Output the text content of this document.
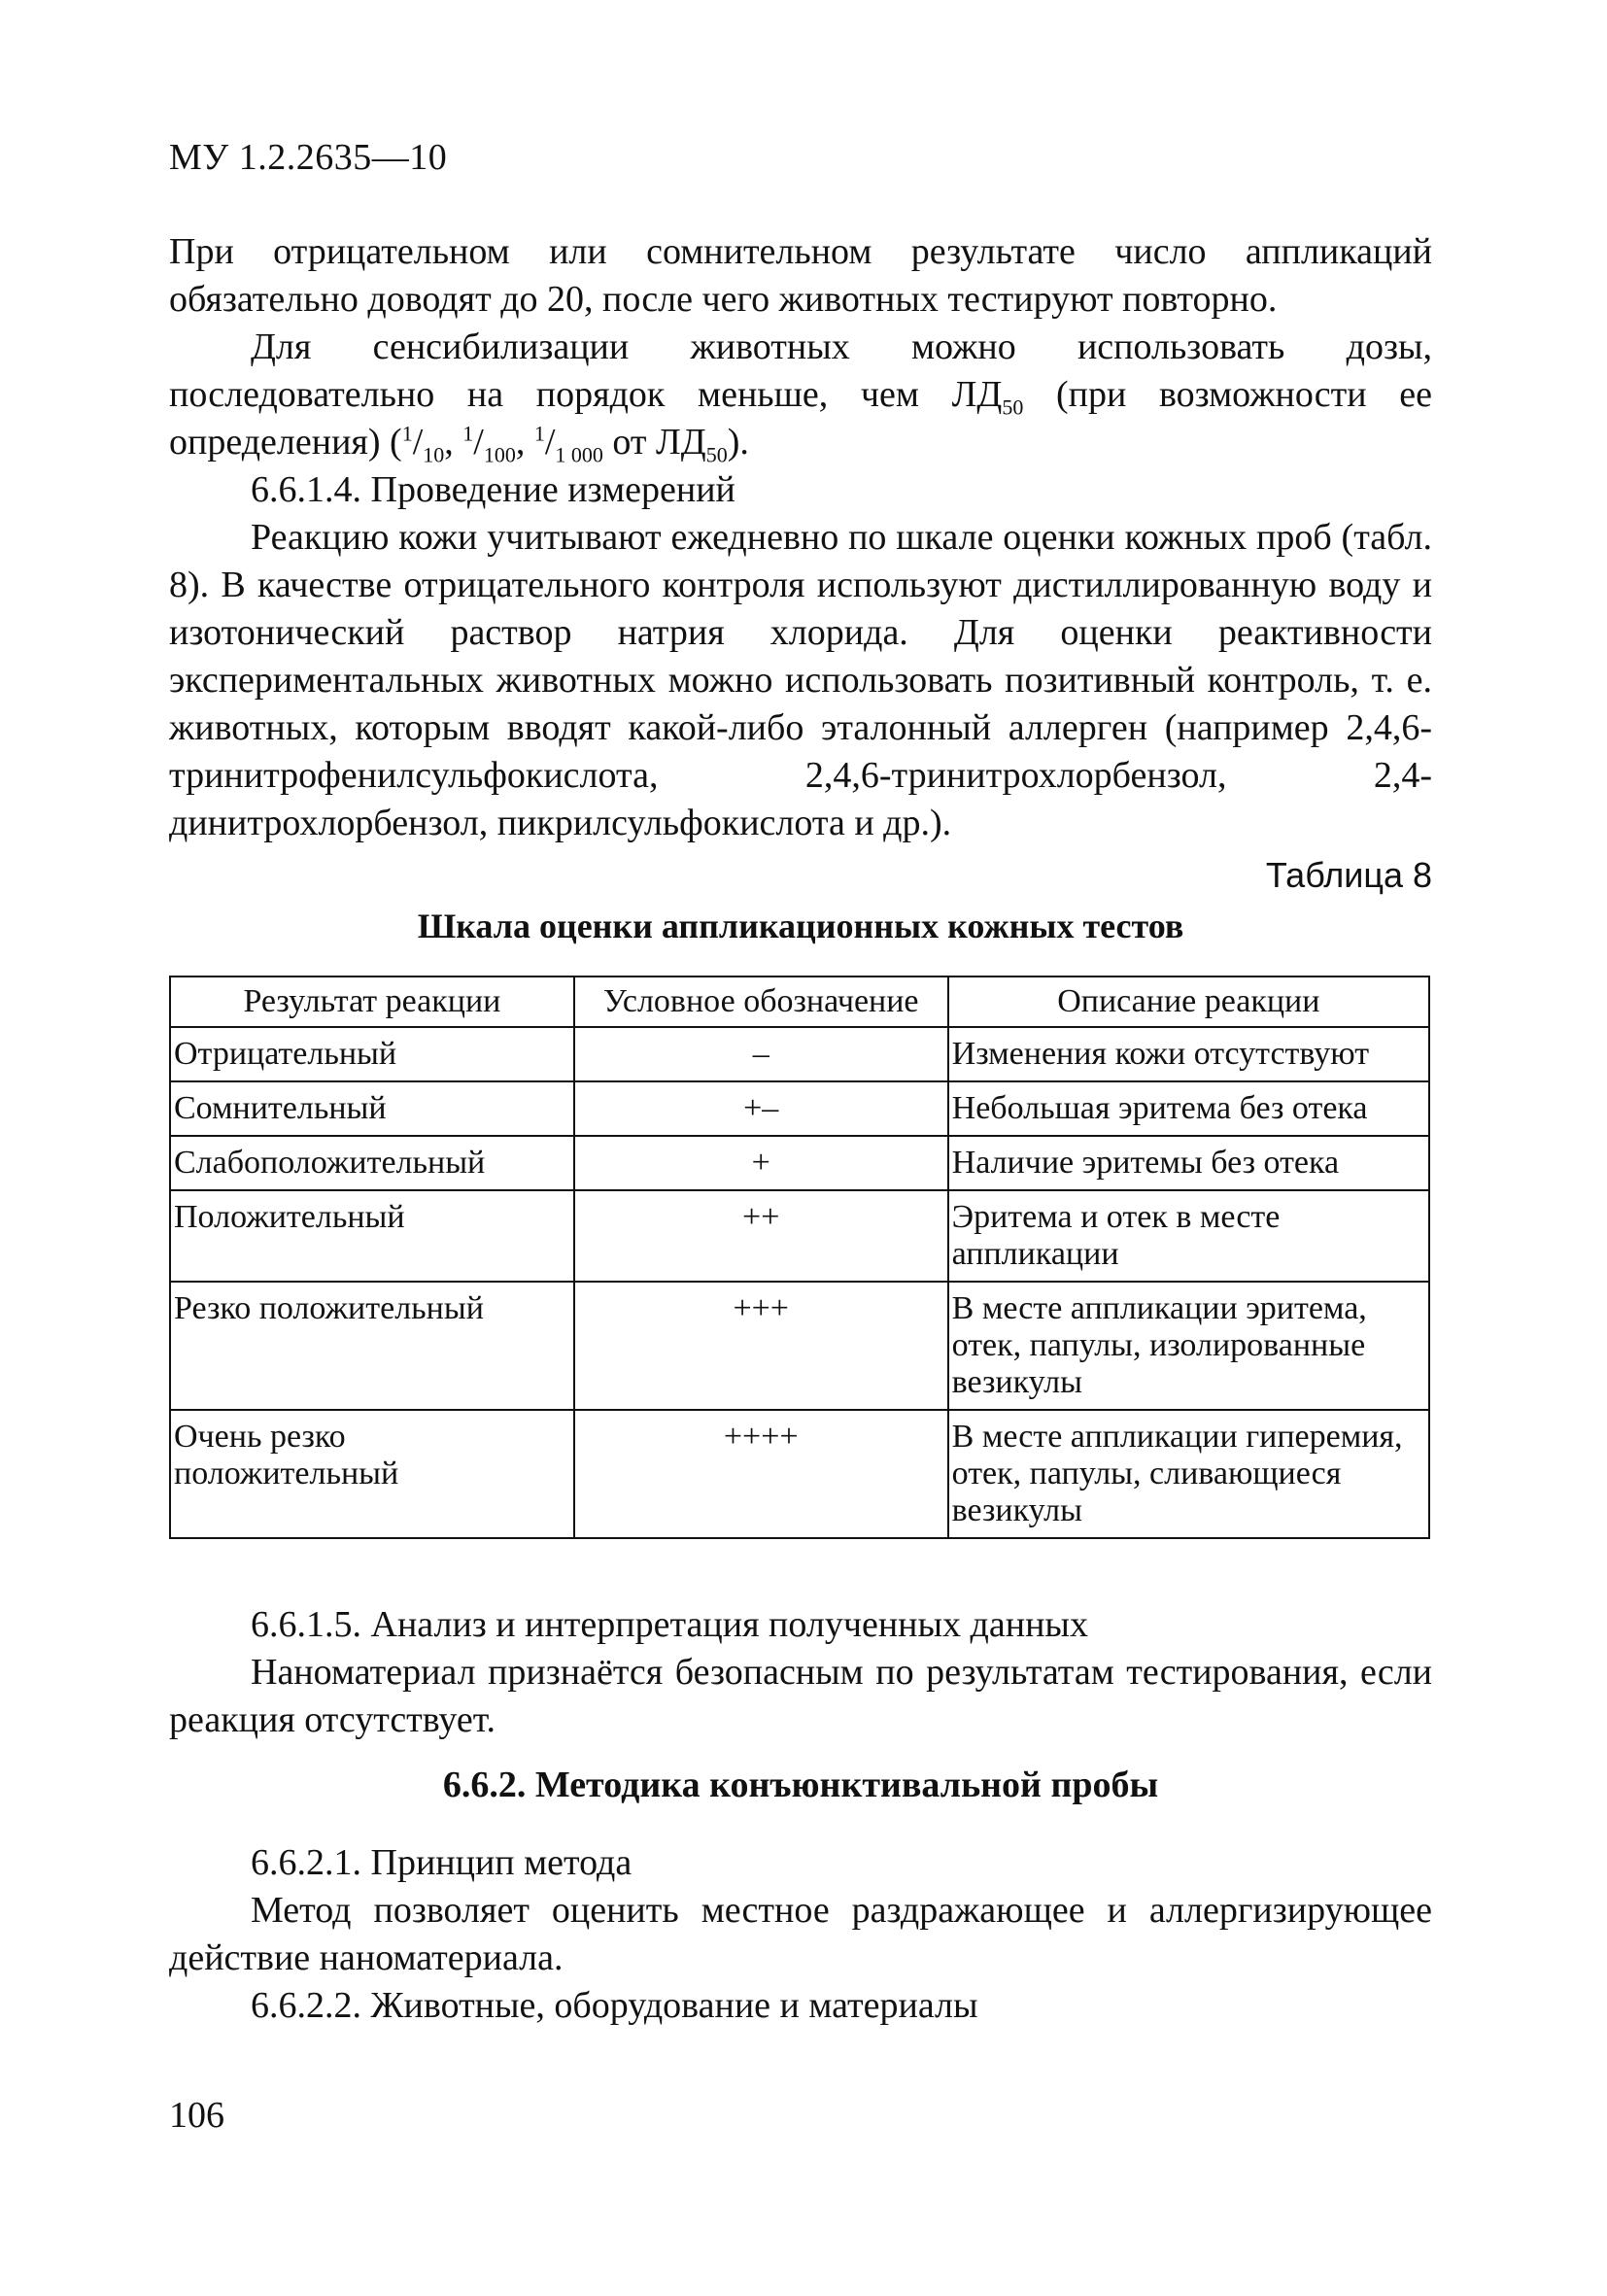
МУ 1.2.2635—10

При отрицательном или сомнительном результате число аппликаций обязательно доводят до 20, после чего животных тестируют повторно.

Для сенсибилизации животных можно использовать дозы, последовательно на порядок меньше, чем $ЛД_{50}$ (при возможности ее определения) ($^1/_{10}$, $^1/_{100}$, $^1/_{1 000}$ от $ЛД_{50}$).

6.6.1.4. Проведение измерений

Реакцию кожи учитывают ежедневно по шкале оценки кожных проб (табл. 8). В качестве отрицательного контроля используют дистиллированную воду и изотонический раствор натрия хлорида. Для оценки реактивности экспериментальных животных можно использовать позитивный контроль, т. е. животных, которым вводят какой-либо эталонный аллерген (например 2,4,6-тринитрофенилсульфокислота, 2,4,6-тринитрохлорбензол, 2,4-динитрохлорбензол, пикрилсульфокислота и др.).

Таблица 8
Шкала оценки аппликационных кожных тестов
Результат реакции	Условное обозначение	Описание реакции
Отрицательный	–	Изменения кожи отсутствуют
Сомнительный	+–	Небольшая эритема без отека
Слабоположительный	+	Наличие эритемы без отека
Положительный	++	Эритема и отек в месте аппликации
Резко положительный	+++	В месте аппликации эритема, отек, папулы, изолированные везикулы
Очень резко положительный	++++	В месте аппликации гиперемия, отек, папулы, сливающиеся везикулы

6.6.1.5. Анализ и интерпретация полученных данных

Наноматериал признаётся безопасным по результатам тестирования, если реакция отсутствует.

6.6.2. Методика конъюнктивальной пробы

6.6.2.1. Принцип метода

Метод позволяет оценить местное раздражающее и аллергизирующее действие наноматериала.

6.6.2.2. Животные, оборудование и материалы

106
